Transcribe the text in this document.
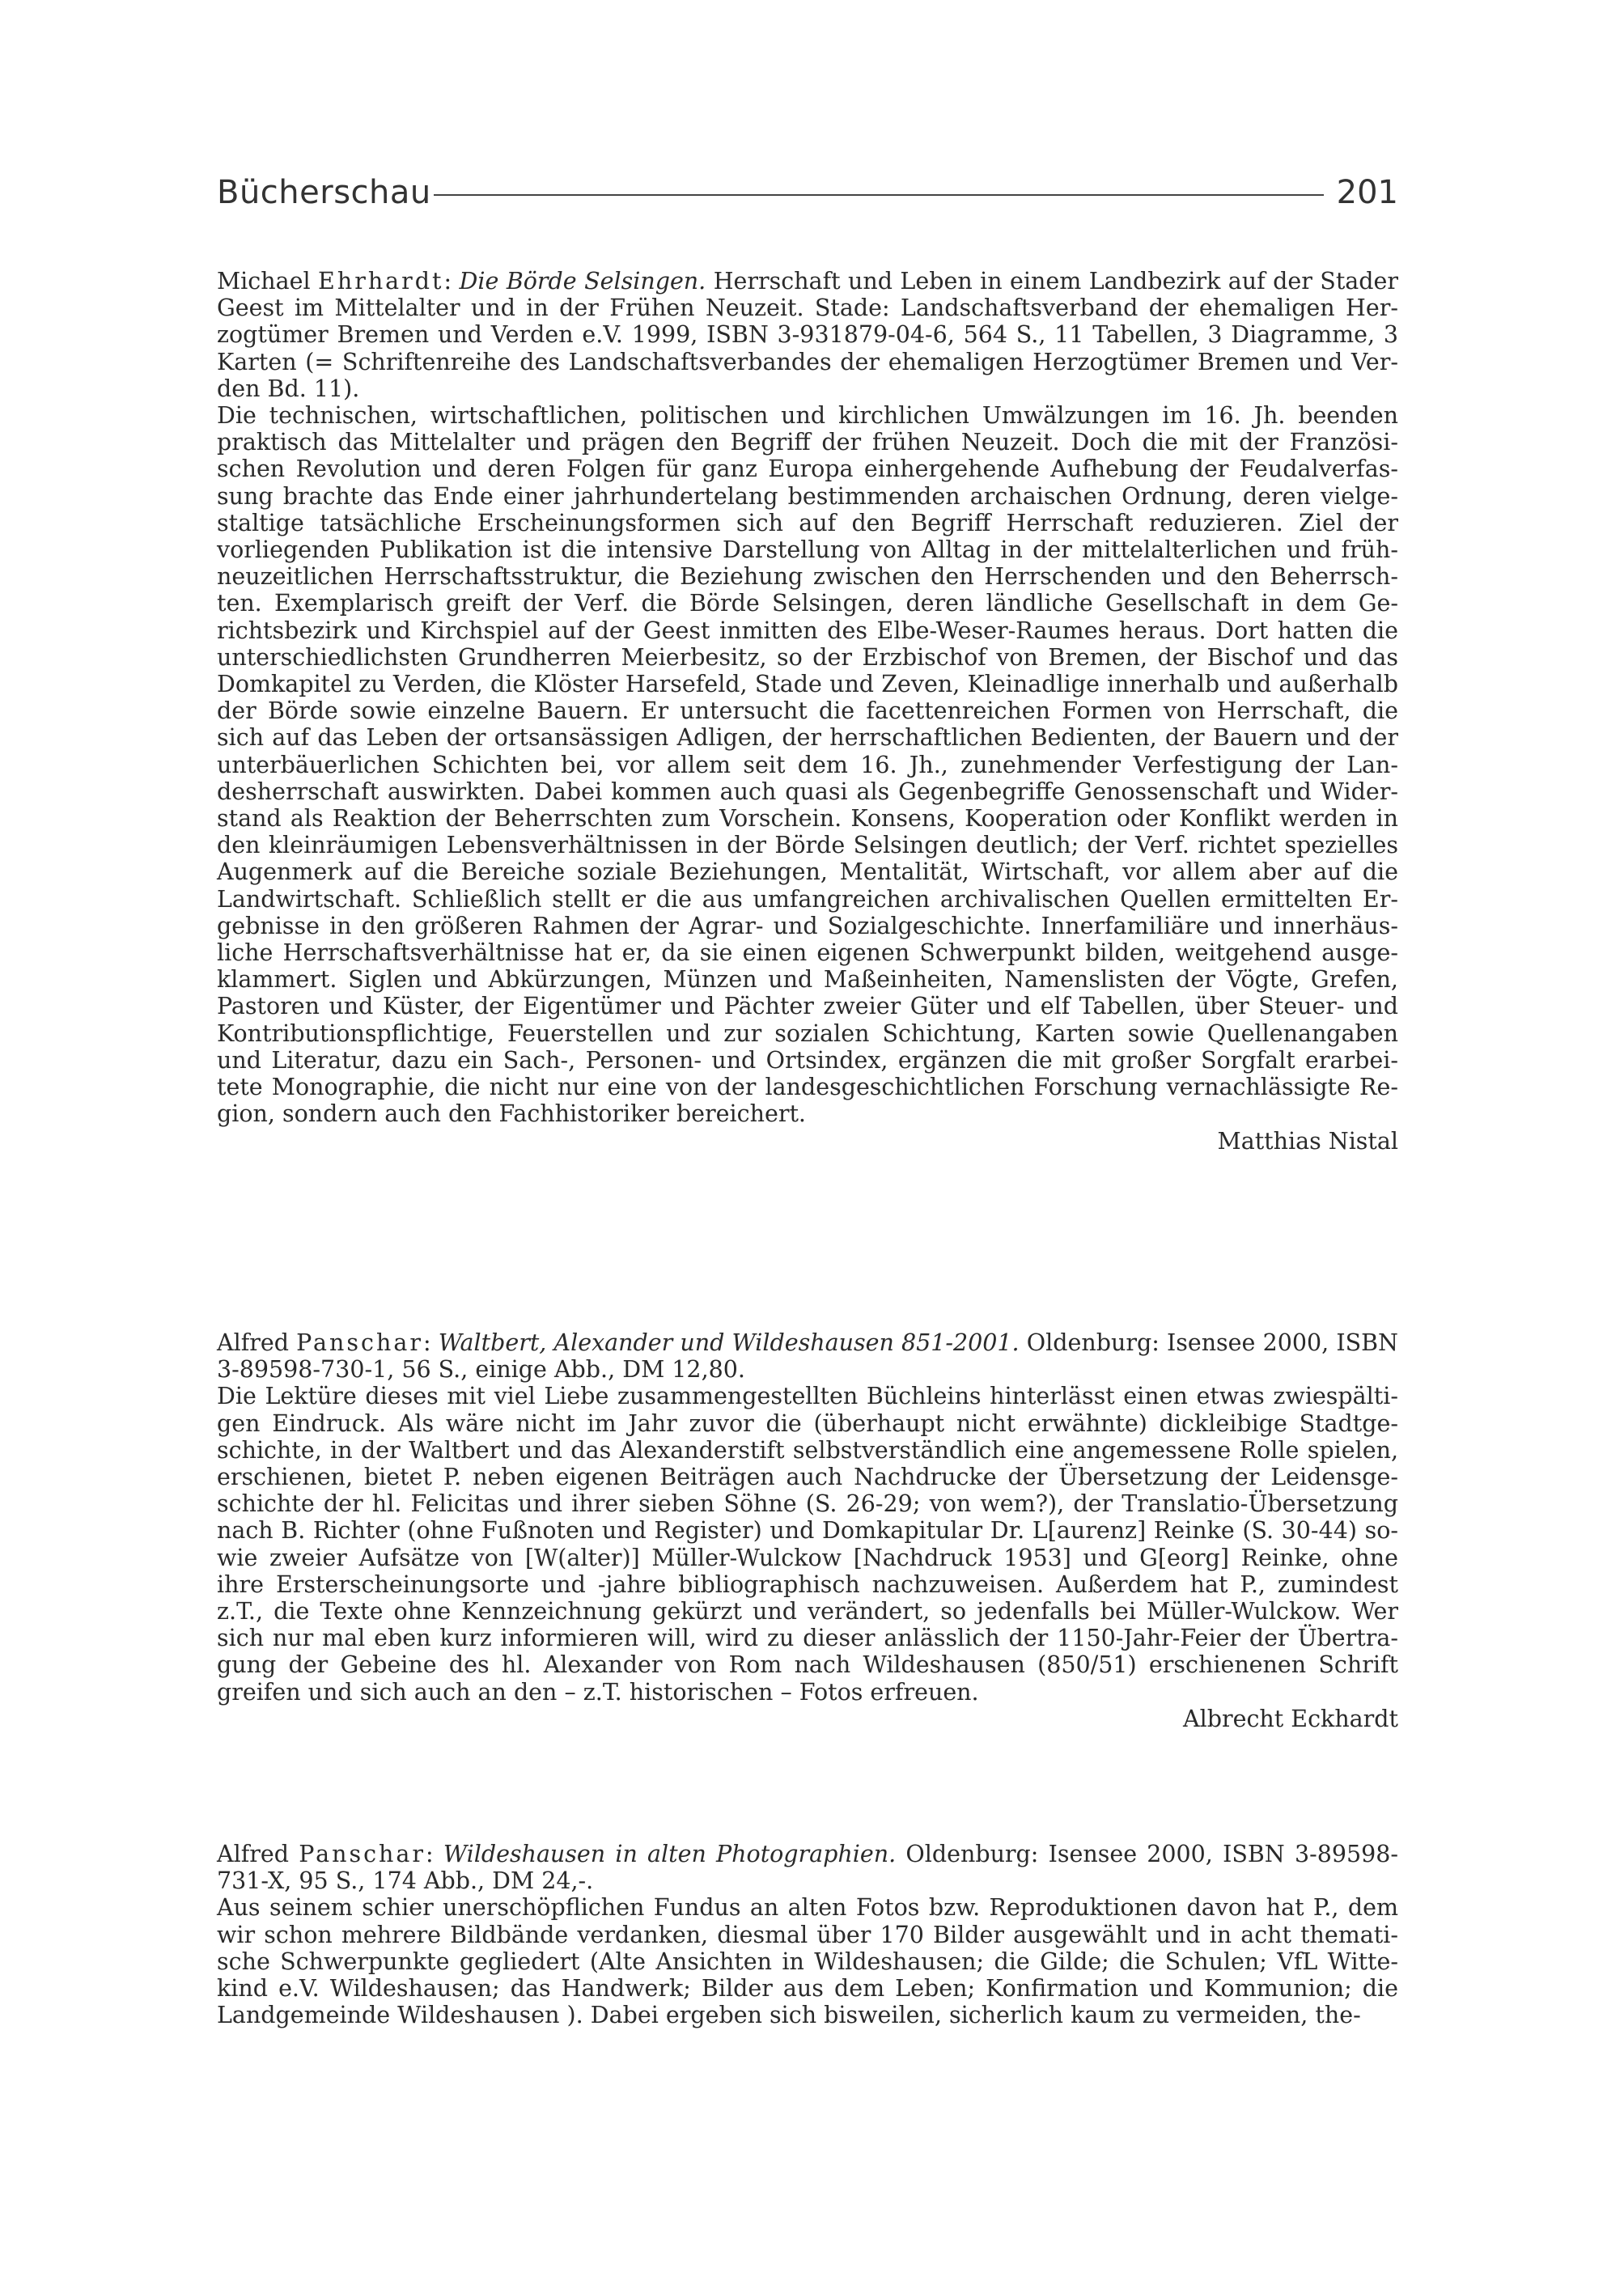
Bücherschau	201

Michael Ehrhardt: Die Börde Selsingen. Herrschaft und Leben in einem Landbezirk auf der Stader Geest im Mittelalter und in der Frühen Neuzeit. Stade: Landschaftsverband der ehemaligen Herzogtümer Bremen und Verden e.V. 1999, ISBN 3-931879-04-6, 564 S., 11 Tabellen, 3 Diagramme, 3 Karten (= Schriftenreihe des Landschaftsverbandes der ehemaligen Herzogtümer Bremen und Verden Bd. 11).

Die technischen, wirtschaftlichen, politischen und kirchlichen Umwälzungen im 16. Jh. beenden praktisch das Mittelalter und prägen den Begriff der frühen Neuzeit. Doch die mit der Französischen Revolution und deren Folgen für ganz Europa einhergehende Aufhebung der Feudalverfassung brachte das Ende einer jahrhundertelang bestimmenden archaischen Ordnung, deren vielgestaltige tatsächliche Erscheinungsformen sich auf den Begriff Herrschaft reduzieren. Ziel der vorliegenden Publikation ist die intensive Darstellung von Alltag in der mittelalterlichen und frühneuzeitlichen Herrschaftsstruktur, die Beziehung zwischen den Herrschenden und den Beherrschten. Exemplarisch greift der Verf. die Börde Selsingen, deren ländliche Gesellschaft in dem Gerichtsbezirk und Kirchspiel auf der Geest inmitten des Elbe-Weser-Raumes heraus. Dort hatten die unterschiedlichsten Grundherren Meierbesitz, so der Erzbischof von Bremen, der Bischof und das Domkapitel zu Verden, die Klöster Harsefeld, Stade und Zeven, Kleinadlige innerhalb und außerhalb der Börde sowie einzelne Bauern. Er untersucht die facettenreichen Formen von Herrschaft, die sich auf das Leben der ortsansässigen Adligen, der herrschaftlichen Bedienten, der Bauern und der unterbäuerlichen Schichten bei, vor allem seit dem 16. Jh., zunehmender Verfestigung der Landesherrschaft auswirkten. Dabei kommen auch quasi als Gegenbegriffe Genossenschaft und Widerstand als Reaktion der Beherrschten zum Vorschein. Konsens, Kooperation oder Konflikt werden in den kleinräumigen Lebensverhältnissen in der Börde Selsingen deutlich; der Verf. richtet spezielles Augenmerk auf die Bereiche soziale Beziehungen, Mentalität, Wirtschaft, vor allem aber auf die Landwirtschaft. Schließlich stellt er die aus umfangreichen archivalischen Quellen ermittelten Ergebnisse in den größeren Rahmen der Agrar- und Sozialgeschichte. Innerfamiliäre und innerhäusliche Herrschaftsverhältnisse hat er, da sie einen eigenen Schwerpunkt bilden, weitgehend ausgeklammert. Siglen und Abkürzungen, Münzen und Maßeinheiten, Namenslisten der Vögte, Grefen, Pastoren und Küster, der Eigentümer und Pächter zweier Güter und elf Tabellen, über Steuer- und Kontributionspflichtige, Feuerstellen und zur sozialen Schichtung, Karten sowie Quellenangaben und Literatur, dazu ein Sach-, Personen- und Ortsindex, ergänzen die mit großer Sorgfalt erarbeitete Monographie, die nicht nur eine von der landesgeschichtlichen Forschung vernachlässigte Region, sondern auch den Fachhistoriker bereichert.

Matthias Nistal

Alfred Panschar: Waltbert, Alexander und Wildeshausen 851-2001. Oldenburg: Isensee 2000, ISBN 3-89598-730-1, 56 S., einige Abb., DM 12,80.

Die Lektüre dieses mit viel Liebe zusammengestellten Büchleins hinterlässt einen etwas zwiespältigen Eindruck. Als wäre nicht im Jahr zuvor die (überhaupt nicht erwähnte) dickleibige Stadtgeschichte, in der Waltbert und das Alexanderstift selbstverständlich eine angemessene Rolle spielen, erschienen, bietet P. neben eigenen Beiträgen auch Nachdrucke der Übersetzung der Leidensgeschichte der hl. Felicitas und ihrer sieben Söhne (S. 26-29; von wem?), der Translatio-Übersetzung nach B. Richter (ohne Fußnoten und Register) und Domkapitular Dr. L[aurenz] Reinke (S. 30-44) sowie zweier Aufsätze von [W(alter)] Müller-Wulckow [Nachdruck 1953] und G[eorg] Reinke, ohne ihre Ersterscheinungsorte und -jahre bibliographisch nachzuweisen. Außerdem hat P., zumindest z.T., die Texte ohne Kennzeichnung gekürzt und verändert, so jedenfalls bei Müller-Wulckow. Wer sich nur mal eben kurz informieren will, wird zu dieser anlässlich der 1150-Jahr-Feier der Übertragung der Gebeine des hl. Alexander von Rom nach Wildeshausen (850/51) erschienenen Schrift greifen und sich auch an den – z.T. historischen – Fotos erfreuen.

Albrecht Eckhardt

Alfred Panschar: Wildeshausen in alten Photographien. Oldenburg: Isensee 2000, ISBN 3-89598-731-X, 95 S., 174 Abb., DM 24,-.

Aus seinem schier unerschöpflichen Fundus an alten Fotos bzw. Reproduktionen davon hat P., dem wir schon mehrere Bildbände verdanken, diesmal über 170 Bilder ausgewählt und in acht thematische Schwerpunkte gegliedert (Alte Ansichten in Wildeshausen; die Gilde; die Schulen; VfL Wittekind e.V. Wildeshausen; das Handwerk; Bilder aus dem Leben; Konfirmation und Kommunion; die Landgemeinde Wildeshausen ). Dabei ergeben sich bisweilen, sicherlich kaum zu vermeiden, the-
